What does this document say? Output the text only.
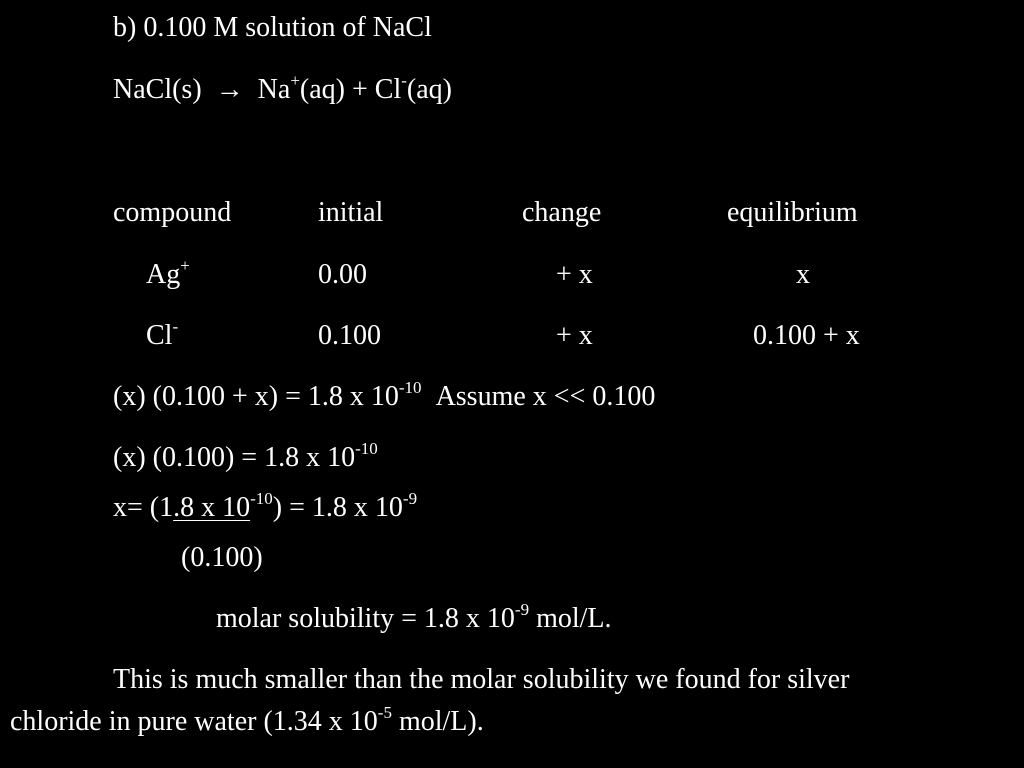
b) 0.100 M solution of NaCl
NaCl(s) → Na+(aq) + Cl-(aq)
compound	initial	change	equilibrium
Ag+	0.00	+ x	x
Cl-	0.100	+ x	0.100 + x
(x) (0.100 + x) = 1.8 x $10^{-10}$ Assume x << 0.100
(x) (0.100) = 1.8 x $10^{-10}$
x= (1.8 x $10^{-10}) = 1.8$ x $10^{-9}$
(0.100)
molar solubility = 1.8 x $10^{-9}$ mol/L.
This is much smaller than the molar solubility we found for silver
chloride in pure water (1.34 x $10^{-5}$ mol/L).
